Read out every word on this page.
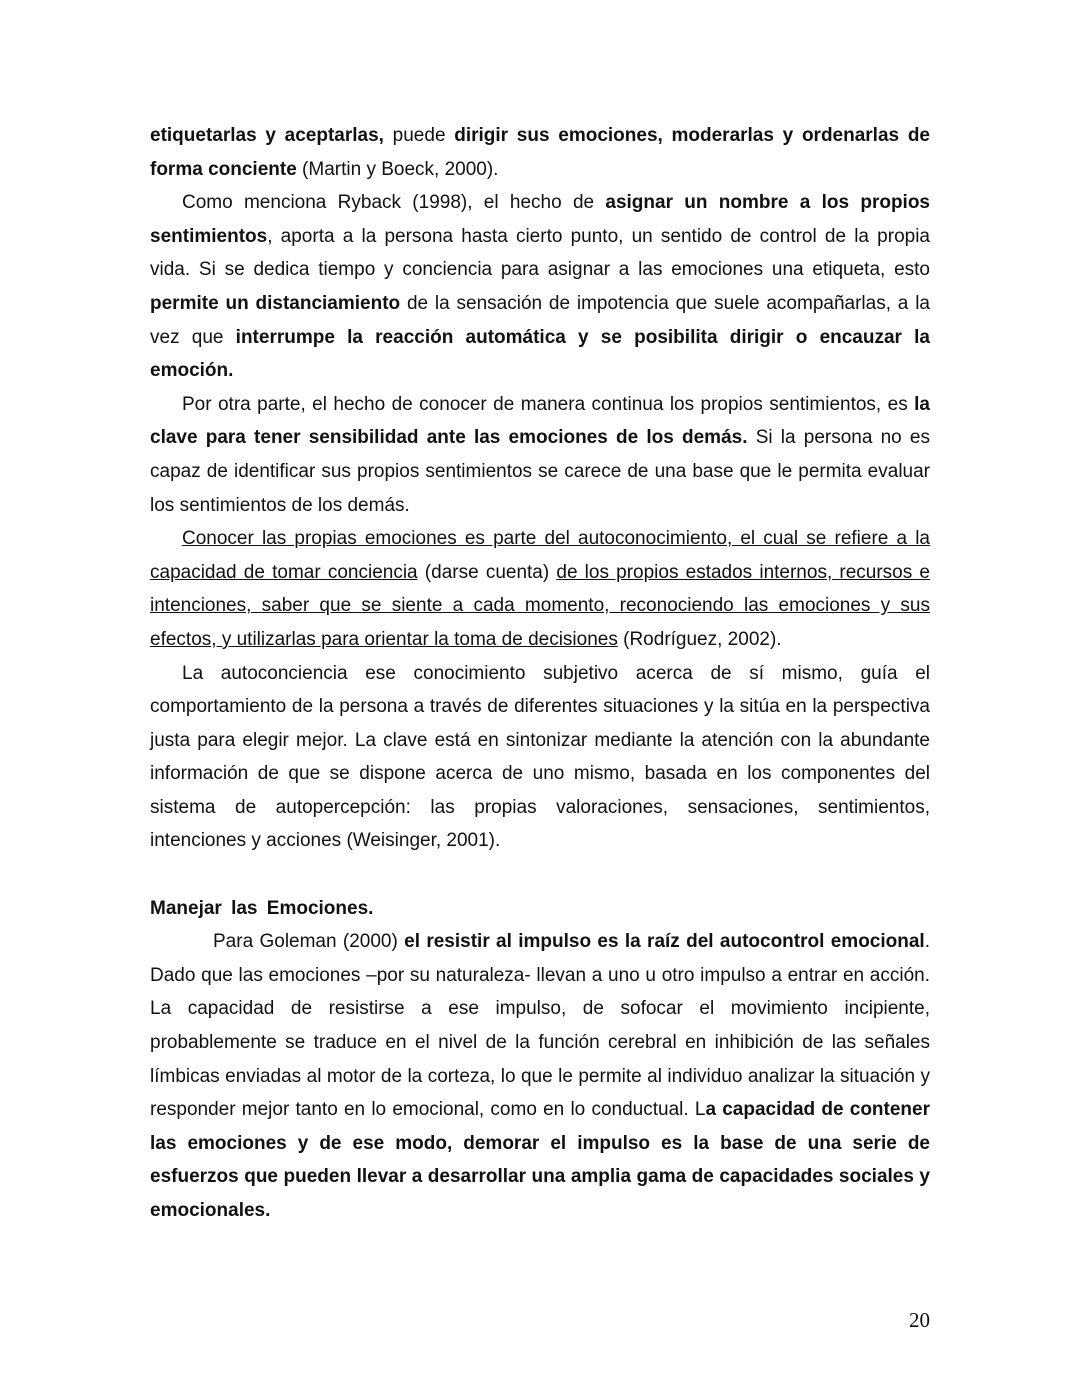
etiquetarlas y aceptarlas, puede dirigir sus emociones, moderarlas y ordenarlas de forma conciente (Martin y Boeck, 2000).

Como menciona Ryback (1998), el hecho de asignar un nombre a los propios sentimientos, aporta a la persona hasta cierto punto, un sentido de control de la propia vida. Si se dedica tiempo y conciencia para asignar a las emociones una etiqueta, esto permite un distanciamiento de la sensación de impotencia que suele acompañarlas, a la vez que interrumpe la reacción automática y se posibilita dirigir o encauzar la emoción.

Por otra parte, el hecho de conocer de manera continua los propios sentimientos, es la clave para tener sensibilidad ante las emociones de los demás. Si la persona no es capaz de identificar sus propios sentimientos se carece de una base que le permita evaluar los sentimientos de los demás.

Conocer las propias emociones es parte del autoconocimiento, el cual se refiere a la capacidad de tomar conciencia (darse cuenta) de los propios estados internos, recursos e intenciones, saber que se siente a cada momento, reconociendo las emociones y sus efectos, y utilizarlas para orientar la toma de decisiones (Rodríguez, 2002).

La autoconciencia ese conocimiento subjetivo acerca de sí mismo, guía el comportamiento de la persona a través de diferentes situaciones y la sitúa en la perspectiva justa para elegir mejor. La clave está en sintonizar mediante la atención con la abundante información de que se dispone acerca de uno mismo, basada en los componentes del sistema de autopercepción: las propias valoraciones, sensaciones, sentimientos, intenciones y acciones (Weisinger, 2001).

Manejar las Emociones.

Para Goleman (2000) el resistir al impulso es la raíz del autocontrol emocional. Dado que las emociones –por su naturaleza- llevan a uno u otro impulso a entrar en acción. La capacidad de resistirse a ese impulso, de sofocar el movimiento incipiente, probablemente se traduce en el nivel de la función cerebral en inhibición de las señales límbicas enviadas al motor de la corteza, lo que le permite al individuo analizar la situación y responder mejor tanto en lo emocional, como en lo conductual. La capacidad de contener las emociones y de ese modo, demorar el impulso es la base de una serie de esfuerzos que pueden llevar a desarrollar una amplia gama de capacidades sociales y emocionales.

20
